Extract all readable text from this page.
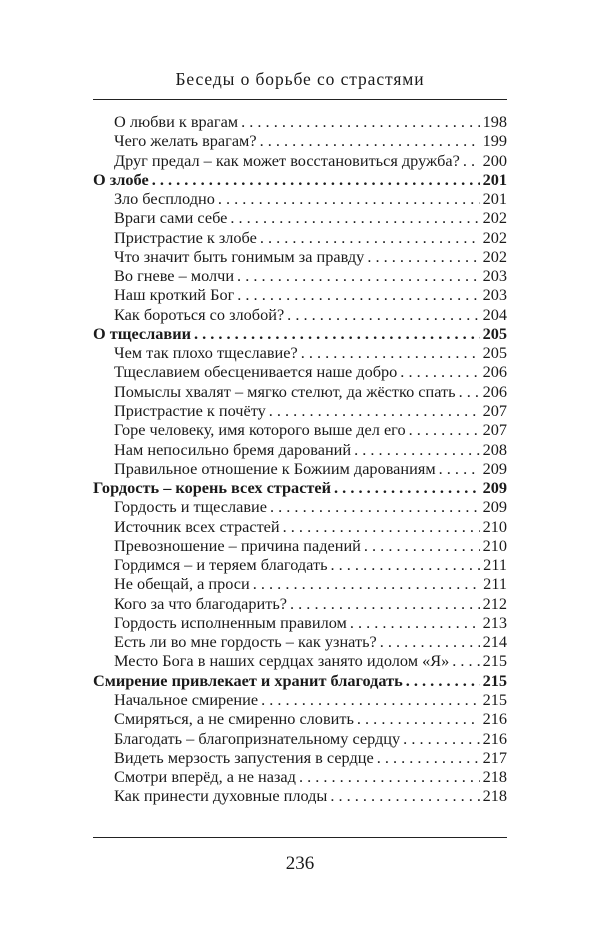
Беседы о борьбе со страстями
О любви к врагам . . .	198
Чего желать врагам? . . .	199
Друг предал – как может восстановиться дружба? . . . 200
О злобе . . .	201
Зло бесплодно . . .	201
Враги сами себе . . .	202
Пристрастие к злобе . . .	202
Что значит быть гонимым за правду . . .	202
Во гневе – молчи . . .	203
Наш кроткий Бог . . .	203
Как бороться со злобой? . . .	204
О тщеславии . . .	205
Чем так плохо тщеславие? . . .	205
Тщеславием обесценивается наше добро . . .	206
Помыслы хвалят – мягко стелют, да жёстко спать . . . 206
Пристрастие к почёту . . .	207
Горе человеку, имя которого выше дел его . . .	207
Нам непосильно бремя дарований . . .	208
Правильное отношение к Божиим дарованиям . . .	209
Гордость – корень всех страстей . . .	209
Гордость и тщеславие . . .	209
Источник всех страстей . . .	210
Превозношение – причина падений . . .	210
Гордимся – и теряем благодать . . .	211
Не обещай, а проси . . .	211
Кого за что благодарить? . . .	212
Гордость исполненным правилом . . .	213
Есть ли во мне гордость – как узнать? . . .	214
Место Бога в наших сердцах занято идолом «Я» . . . 215
Смирение привлекает и хранит благодать . . .	215
Начальное смирение . . .	215
Смиряться, а не смиренно словить . . .	216
Благодать – благопризнательному сердцу . . .	216
Видеть мерзость запустения в сердце . . .	217
Смотри вперёд, а не назад . . .	218
Как принести духовные плоды . . .	218
236
